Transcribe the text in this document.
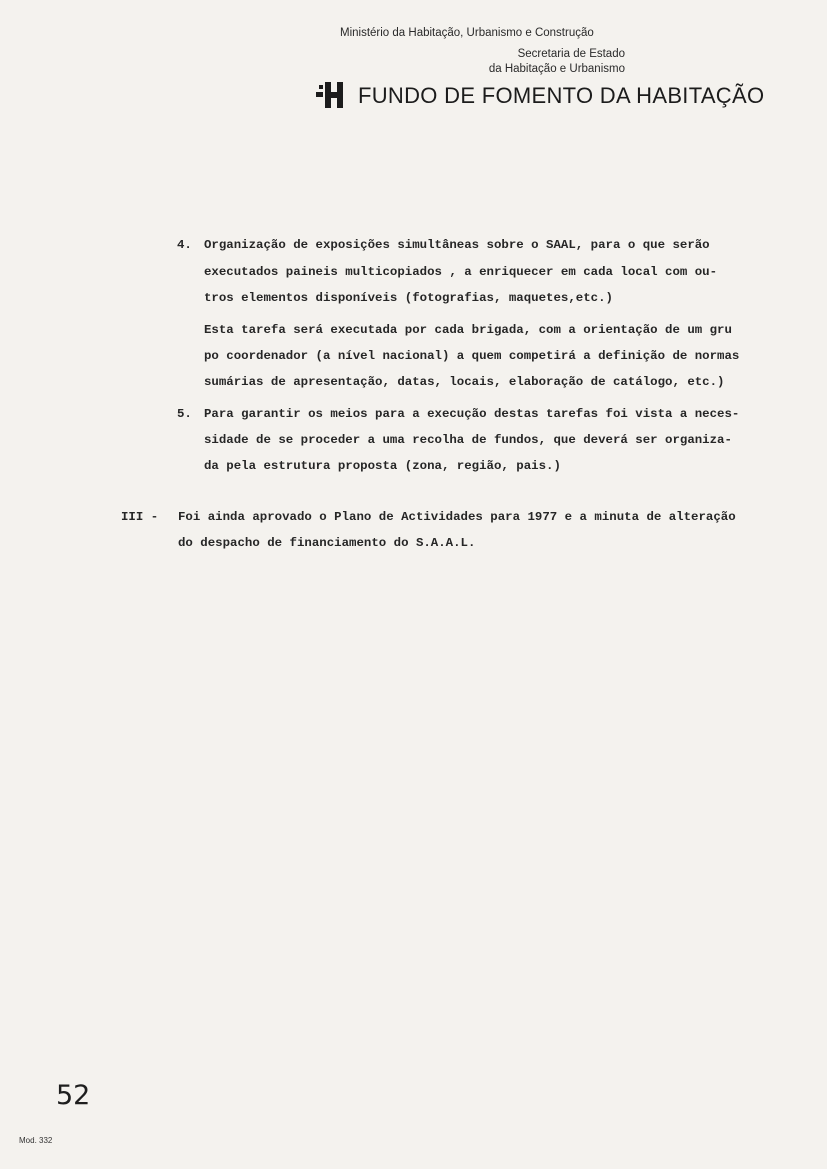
Ministério da Habitação, Urbanismo e Construção
Secretaria de Estado
da Habitação e Urbanismo
FUNDO DE FOMENTO DA HABITAÇÃO
4. Organização de exposições simultâneas sobre o SAAL, para o que serão
executados paineis multicopiados , a enriquecer em cada local com ou-
tros elementos disponíveis (fotografias, maquetes,etc.)
Esta tarefa será executada por cada brigada, com a orientação de um gru
po coordenador (a nível nacional) a quem competirá a definição de normas
sumárias de apresentação, datas, locais, elaboração de catálogo, etc.)
5. Para garantir os meios para a execução destas tarefas foi vista a neces-
sidade de se proceder a uma recolha de fundos, que deverá ser organiza-
da pela estrutura proposta (zona, região, pais.)
III - Foi ainda aprovado o Plano de Actividades para 1977 e a minuta de alteração
do despacho de financiamento do S.A.A.L.
52
Mod. 332
